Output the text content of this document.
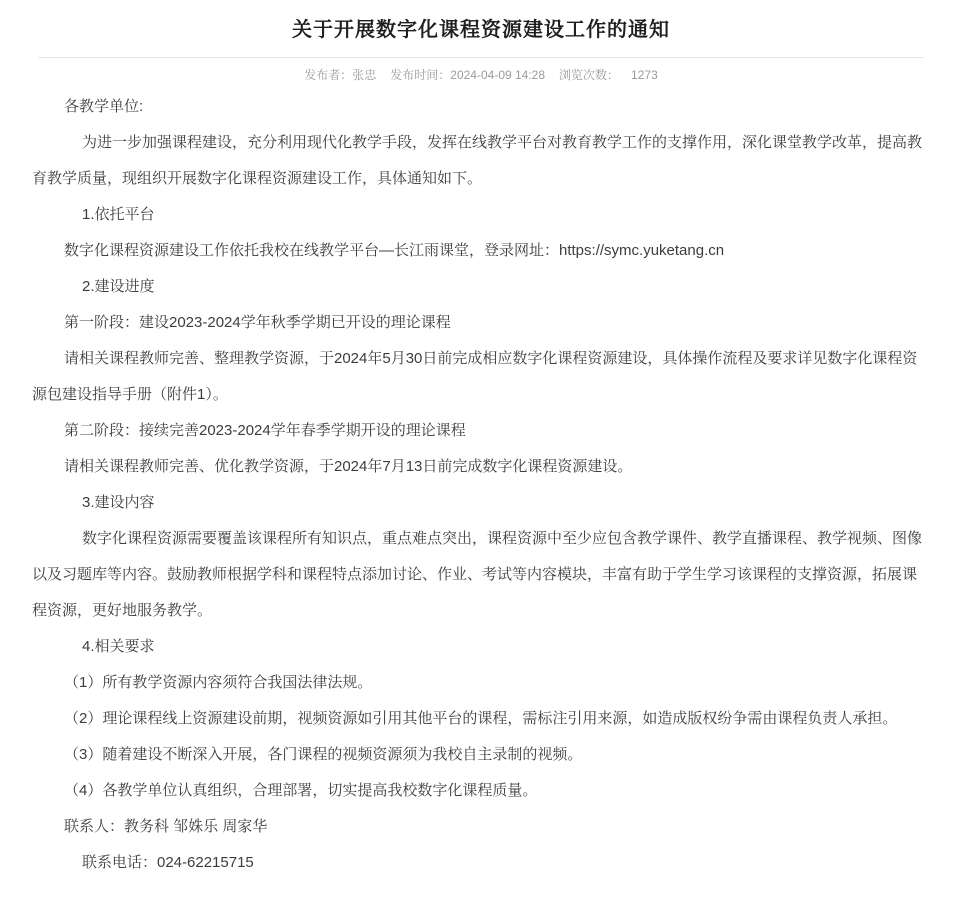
关于开展数字化课程资源建设工作的通知
发布者：张忠 发布时间：2024-04-09 14:28 浏览次数： 1273

各教学单位:

为进一步加强课程建设，充分利用现代化教学手段，发挥在线教学平台对教育教学工作的支撑作用，深化课堂教学改革，提高教育教学质量，现组织开展数字化课程资源建设工作，具体通知如下。

1.依托平台

数字化课程资源建设工作依托我校在线教学平台—长江雨课堂，登录网址：https://symc.yuketang.cn

2.建设进度

第一阶段：建设2023-2024学年秋季学期已开设的理论课程

请相关课程教师完善、整理教学资源，于2024年5月30日前完成相应数字化课程资源建设，具体操作流程及要求详见数字化课程资源包建设指导手册（附件1）。

第二阶段：接续完善2023-2024学年春季学期开设的理论课程

请相关课程教师完善、优化教学资源，于2024年7月13日前完成数字化课程资源建设。

3.建设内容

数字化课程资源需要覆盖该课程所有知识点，重点难点突出，课程资源中至少应包含教学课件、教学直播课程、教学视频、图像以及习题库等内容。鼓励教师根据学科和课程特点添加讨论、作业、考试等内容模块，丰富有助于学生学习该课程的支撑资源，拓展课程资源，更好地服务教学。

4.相关要求

（1）所有教学资源内容须符合我国法律法规。

（2）理论课程线上资源建设前期，视频资源如引用其他平台的课程，需标注引用来源，如造成版权纷争需由课程负责人承担。

（3）随着建设不断深入开展，各门课程的视频资源须为我校自主录制的视频。

（4）各教学单位认真组织，合理部署，切实提高我校数字化课程质量。

联系人：教务科 邹姝乐 周家华

联系电话：024-62215715
